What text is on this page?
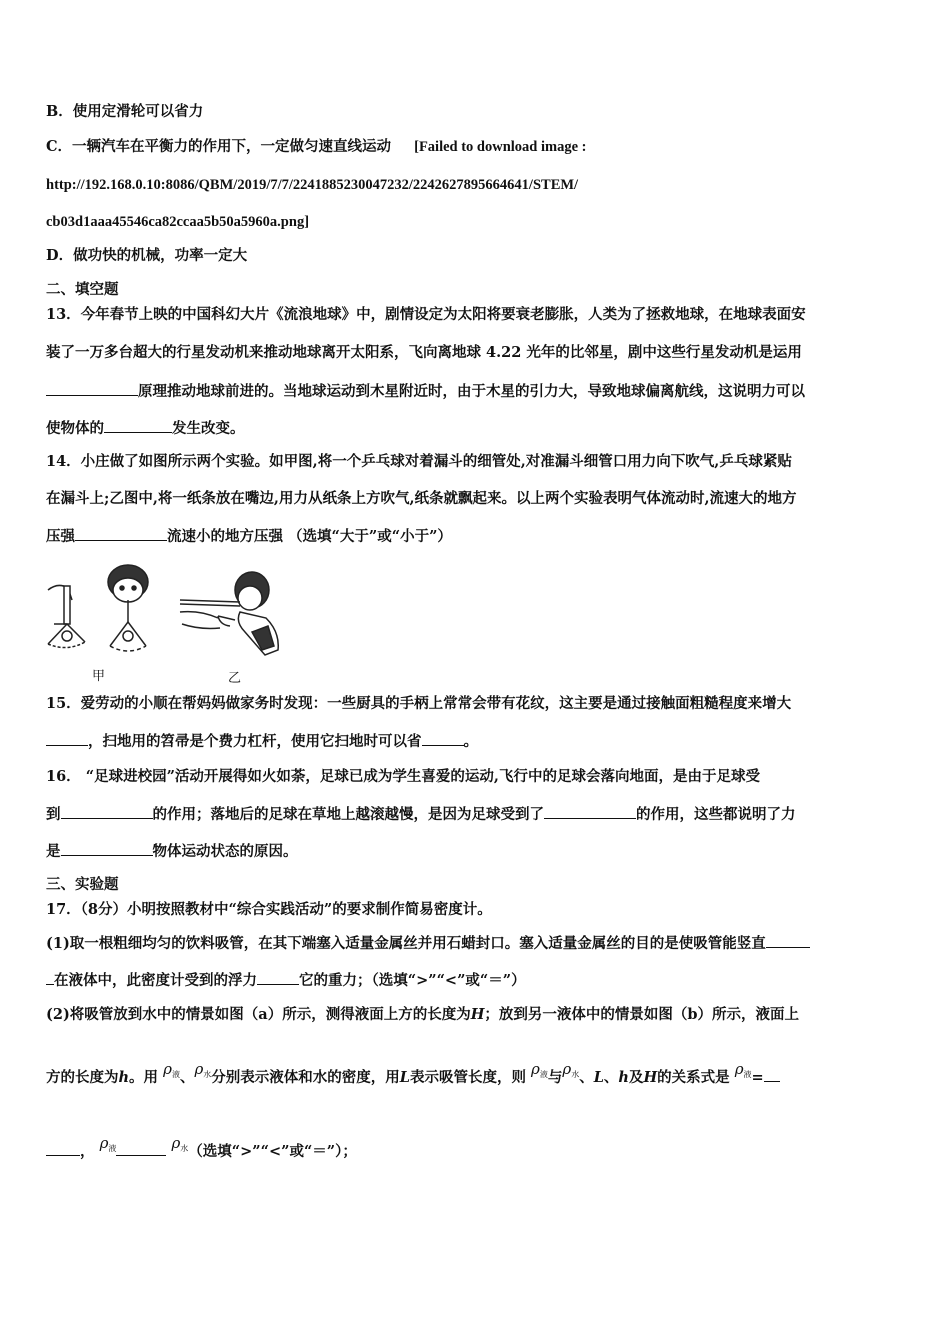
B．使用定滑轮可以省力
C．一辆汽车在平衡力的作用下，一定做匀速直线运动 [Failed to download image :
http://192.168.0.10:8086/QBM/2019/7/7/2241885230047232/2242627895664641/STEM/
cb03d1aaa45546ca82ccaa5b50a5960a.png]
D．做功快的机械，功率一定大
二、填空题
13．今年春节上映的中国科幻大片《流浪地球》中，剧情设定为太阳将要衰老膨胀，人类为了拯救地球，在地球表面安
装了一万多台超大的行星发动机来推动地球离开太阳系，飞向离地球 4.22 光年的比邻星，剧中这些行星发动机是运用
原理推动地球前进的。当地球运动到木星附近时，由于木星的引力大，导致地球偏离航线，这说明力可以
使物体的	发生改变。
14．小庄做了如图所示两个实验。如甲图,将一个乒乓球对着漏斗的细管处,对准漏斗细管口用力向下吹气,乒乓球紧贴
在漏斗上;乙图中,将一纸条放在嘴边,用力从纸条上方吹气,纸条就飘起来。以上两个实验表明气体流动时,流速大的地方
压强	流速小的地方压强 （选填“大于”或“小于”）
甲	乙
15．爱劳动的小顺在帮妈妈做家务时发现：一些厨具的手柄上常常会带有花纹，这主要是通过接触面粗糙程度来增大
，扫地用的笤帚是个费力杠杆，使用它扫地时可以省	。
16． “足球进校园”活动开展得如火如荼，足球已成为学生喜爱的运动,飞行中的足球会落向地面，是由于足球受
到	的作用；落地后的足球在草地上越滚越慢，是因为足球受到了	的作用，这些都说明了力
是	物体运动状态的原因。
三、实验题
17．（8分）小明按照教材中“综合实践活动”的要求制作简易密度计。
(1)取一根粗细均匀的饮料吸管，在其下端塞入适量金属丝并用石蜡封口。塞入适量金属丝的目的是使吸管能竖直
在液体中，此密度计受到的浮力	它的重力；（选填“>”“<”或“＝”）
(2)将吸管放到水中的情景如图（a）所示，测得液面上方的长度为H；放到另一液体中的情景如图（b）所示，液面上
方的长度为h。用 $\rho_液$、$\rho_水$分别表示液体和水的密度，用L表示吸管长度，则 $\rho_液$与$\rho_水$、L、h及H的关系式是 $\rho_液=$
， $\rho_液$	$\rho_水$（选填“>”“<”或“＝”）；
